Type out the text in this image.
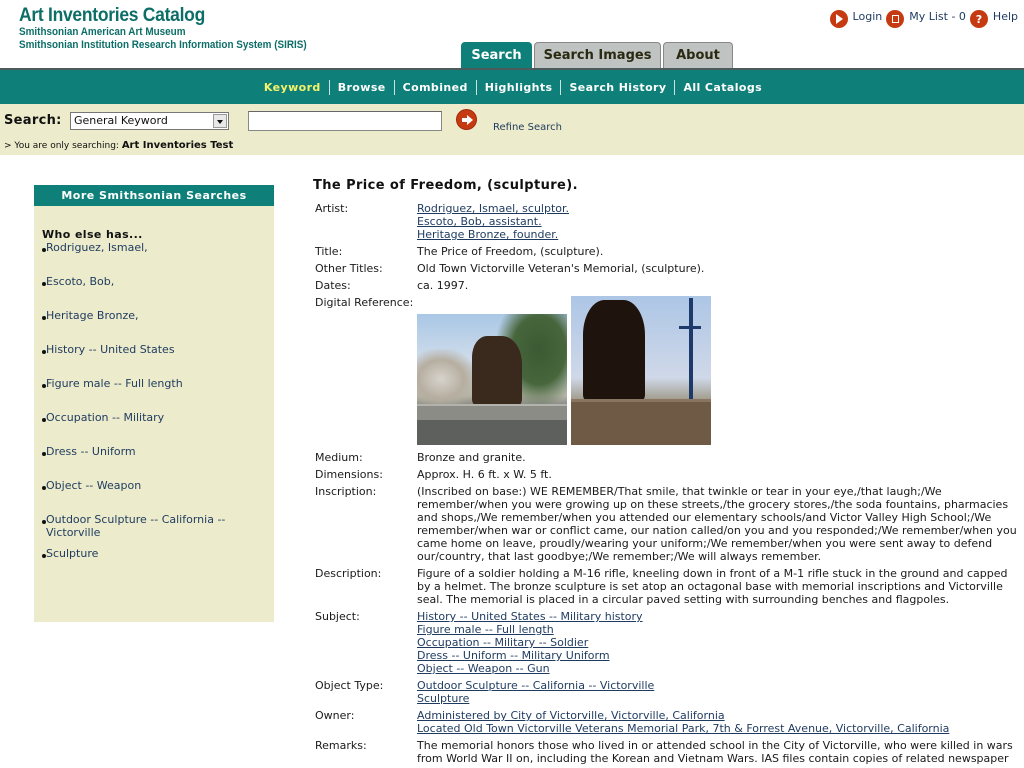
Art Inventories Catalog
Smithsonian American Art Museum
Smithsonian Institution Research Information System (SIRIS)
Login My List - 0 ? Help
Search	Search Images	About
Keyword	Browse	Combined	Highlights	Search History	All Catalogs
Search:	General Keyword
Refine Search
> You are only searching: Art Inventories Test
More Smithsonian Searches
Who else has...
Rodriguez, Ismael,
Escoto, Bob,
Heritage Bronze,
History -- United States
Figure male -- Full length
Occupation -- Military
Dress -- Uniform
Object -- Weapon
Outdoor Sculpture -- California -- Victorville
Sculpture
The Price of Freedom, (sculpture).
Artist:	Rodriguez, Ismael, sculptor.
Escoto, Bob, assistant.
Heritage Bronze, founder.
Title:	The Price of Freedom, (sculpture).
Other Titles:	Old Town Victorville Veteran's Memorial, (sculpture).
Dates:	ca. 1997.
Digital Reference:
Medium:	Bronze and granite.
Dimensions:	Approx. H. 6 ft. x W. 5 ft.
Inscription:	(Inscribed on base:) WE REMEMBER/That smile, that twinkle or tear in your eye,/that laugh;/We remember/when you were growing up on these streets,/the grocery stores,/the soda fountains, pharmacies and shops,/We remember/when you attended our elementary schools/and Victor Valley High School;/We remember/when war or conflict came, our nation called/on you and you responded;/We remember/when you came home on leave, proudly/wearing your uniform;/We remember/when you were sent away to defend our/country, that last goodbye;/We remember;/We will always remember.
Description:	Figure of a soldier holding a M-16 rifle, kneeling down in front of a M-1 rifle stuck in the ground and capped by a helmet. The bronze sculpture is set atop an octagonal base with memorial inscriptions and Victorville seal. The memorial is placed in a circular paved setting with surrounding benches and flagpoles.
Subject:	History -- United States -- Military history
Figure male -- Full length
Occupation -- Military -- Soldier
Dress -- Uniform -- Military Uniform
Object -- Weapon -- Gun
Object Type:	Outdoor Sculpture -- California -- Victorville
Sculpture
Owner:	Administered by City of Victorville, Victorville, California
Located Old Town Victorville Veterans Memorial Park, 7th & Forrest Avenue, Victorville, California
Remarks:	The memorial honors those who lived in or attended school in the City of Victorville, who were killed in wars from World War II on, including the Korean and Vietnam Wars. IAS files contain copies of related newspaper
